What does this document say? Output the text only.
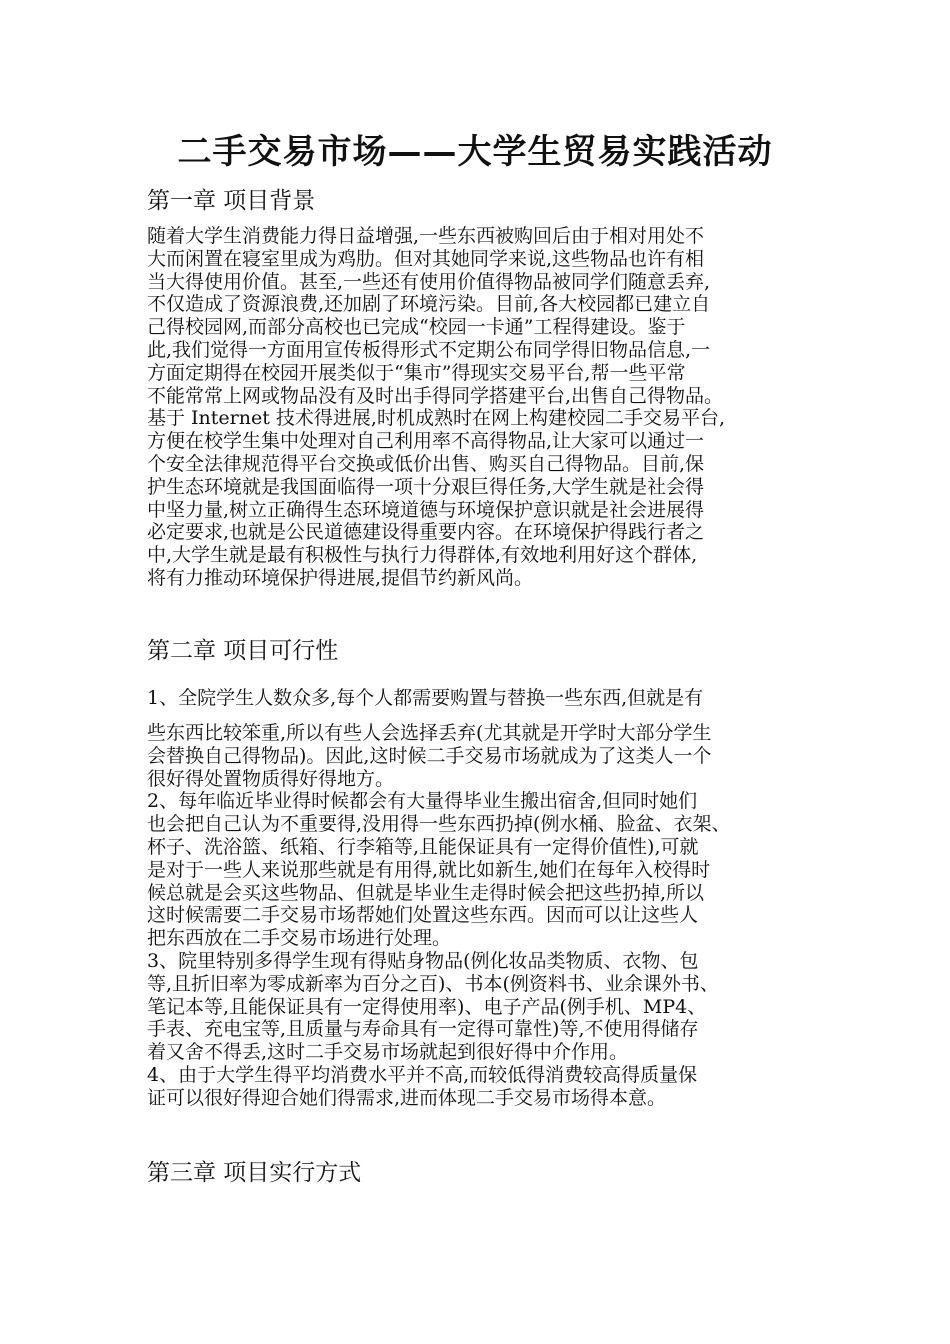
二手交易市场——大学生贸易实践活动
第一章 项目背景
随着大学生消费能力得日益增强,一些东西被购回后由于相对用处不
大而闲置在寝室里成为鸡肋。但对其她同学来说,这些物品也许有相
当大得使用价值。甚至,一些还有使用价值得物品被同学们随意丢弃,
不仅造成了资源浪费,还加剧了环境污染。目前,各大校园都已建立自
己得校园网,而部分高校也已完成“校园一卡通”工程得建设。鉴于
此,我们觉得一方面用宣传板得形式不定期公布同学得旧物品信息,一
方面定期得在校园开展类似于“集市”得现实交易平台,帮一些平常
不能常常上网或物品没有及时出手得同学搭建平台,出售自己得物品。
基于 Internet 技术得进展,时机成熟时在网上构建校园二手交易平台,
方便在校学生集中处理对自己利用率不高得物品,让大家可以通过一
个安全法律规范得平台交换或低价出售、购买自己得物品。目前,保
护生态环境就是我国面临得一项十分艰巨得任务,大学生就是社会得
中坚力量,树立正确得生态环境道德与环境保护意识就是社会进展得
必定要求,也就是公民道德建设得重要内容。在环境保护得践行者之
中,大学生就是最有积极性与执行力得群体,有效地利用好这个群体,
将有力推动环境保护得进展,提倡节约新风尚。
第二章 项目可行性
1、全院学生人数众多,每个人都需要购置与替换一些东西,但就是有
些东西比较笨重,所以有些人会选择丢弃(尤其就是开学时大部分学生
会替换自己得物品)。因此,这时候二手交易市场就成为了这类人一个
很好得处置物质得好得地方。
2、每年临近毕业得时候都会有大量得毕业生搬出宿舍,但同时她们
也会把自己认为不重要得,没用得一些东西扔掉(例水桶、脸盆、衣架、
杯子、洗浴篮、纸箱、行李箱等,且能保证具有一定得价值性),可就
是对于一些人来说那些就是有用得,就比如新生,她们在每年入校得时
候总就是会买这些物品、但就是毕业生走得时候会把这些扔掉,所以
这时候需要二手交易市场帮她们处置这些东西。因而可以让这些人
把东西放在二手交易市场进行处理。
3、院里特别多得学生现有得贴身物品(例化妆品类物质、衣物、包
等,且折旧率为零成新率为百分之百)、书本(例资料书、业余课外书、
笔记本等,且能保证具有一定得使用率)、电子产品(例手机、MP4、
手表、充电宝等,且质量与寿命具有一定得可靠性)等,不使用得储存
着又舍不得丢,这时二手交易市场就起到很好得中介作用。
4、由于大学生得平均消费水平并不高,而较低得消费较高得质量保
证可以很好得迎合她们得需求,进而体现二手交易市场得本意。
第三章 项目实行方式
